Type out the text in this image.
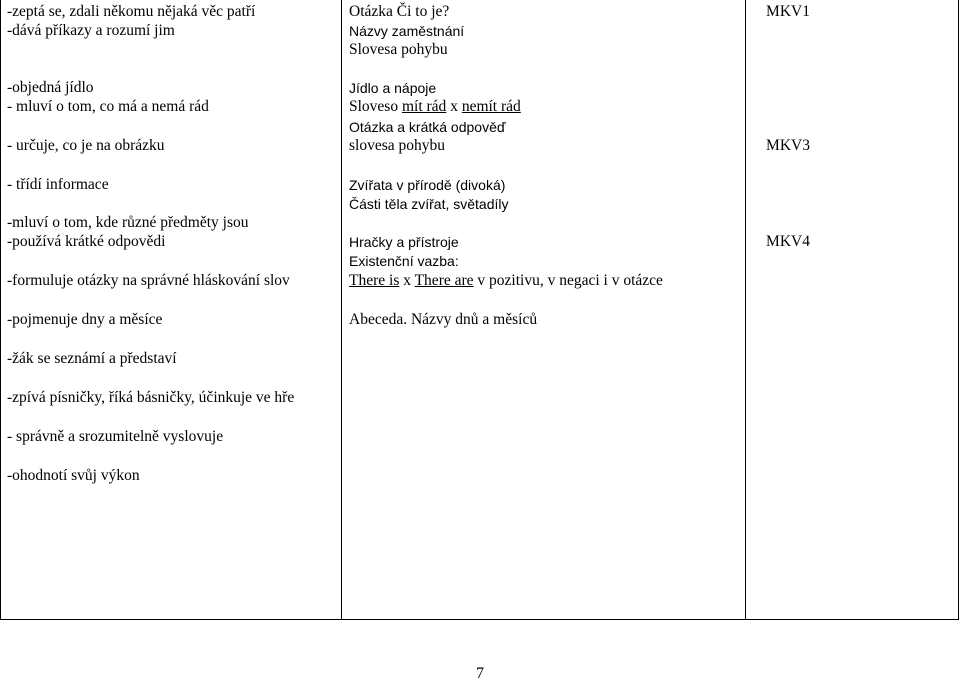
-zeptá se, zdali někomu nějaká věc patří
-dává příkazy a rozumí jim
-objedná jídlo
- mluví o tom, co má a nemá rád
- určuje, co je na obrázku
- třídí informace
-mluví o tom, kde různé předměty jsou
-používá krátké odpovědi
-formuluje otázky na správné hláskování slov
-pojmenuje dny a měsíce
-žák se seznámí a představí
-zpívá písničky, říká básničky, účinkuje ve hře
- správně a srozumitelně vyslovuje
-ohodnotí svůj výkon
Otázka Či to je?
Názvy zaměstnání
Slovesa pohybu
Jídlo a nápoje
Sloveso mít rád x nemít rád
Otázka a krátká odpověď
slovesa pohybu
Zvířata v přírodě (divoká)
Části těla zvířat, světadíly
Hračky a přístroje
Existenční vazba:
There is x There are v pozitivu, v negaci i v otázce
Abeceda. Názvy dnů a měsíců
MKV1
MKV3
MKV4
7
